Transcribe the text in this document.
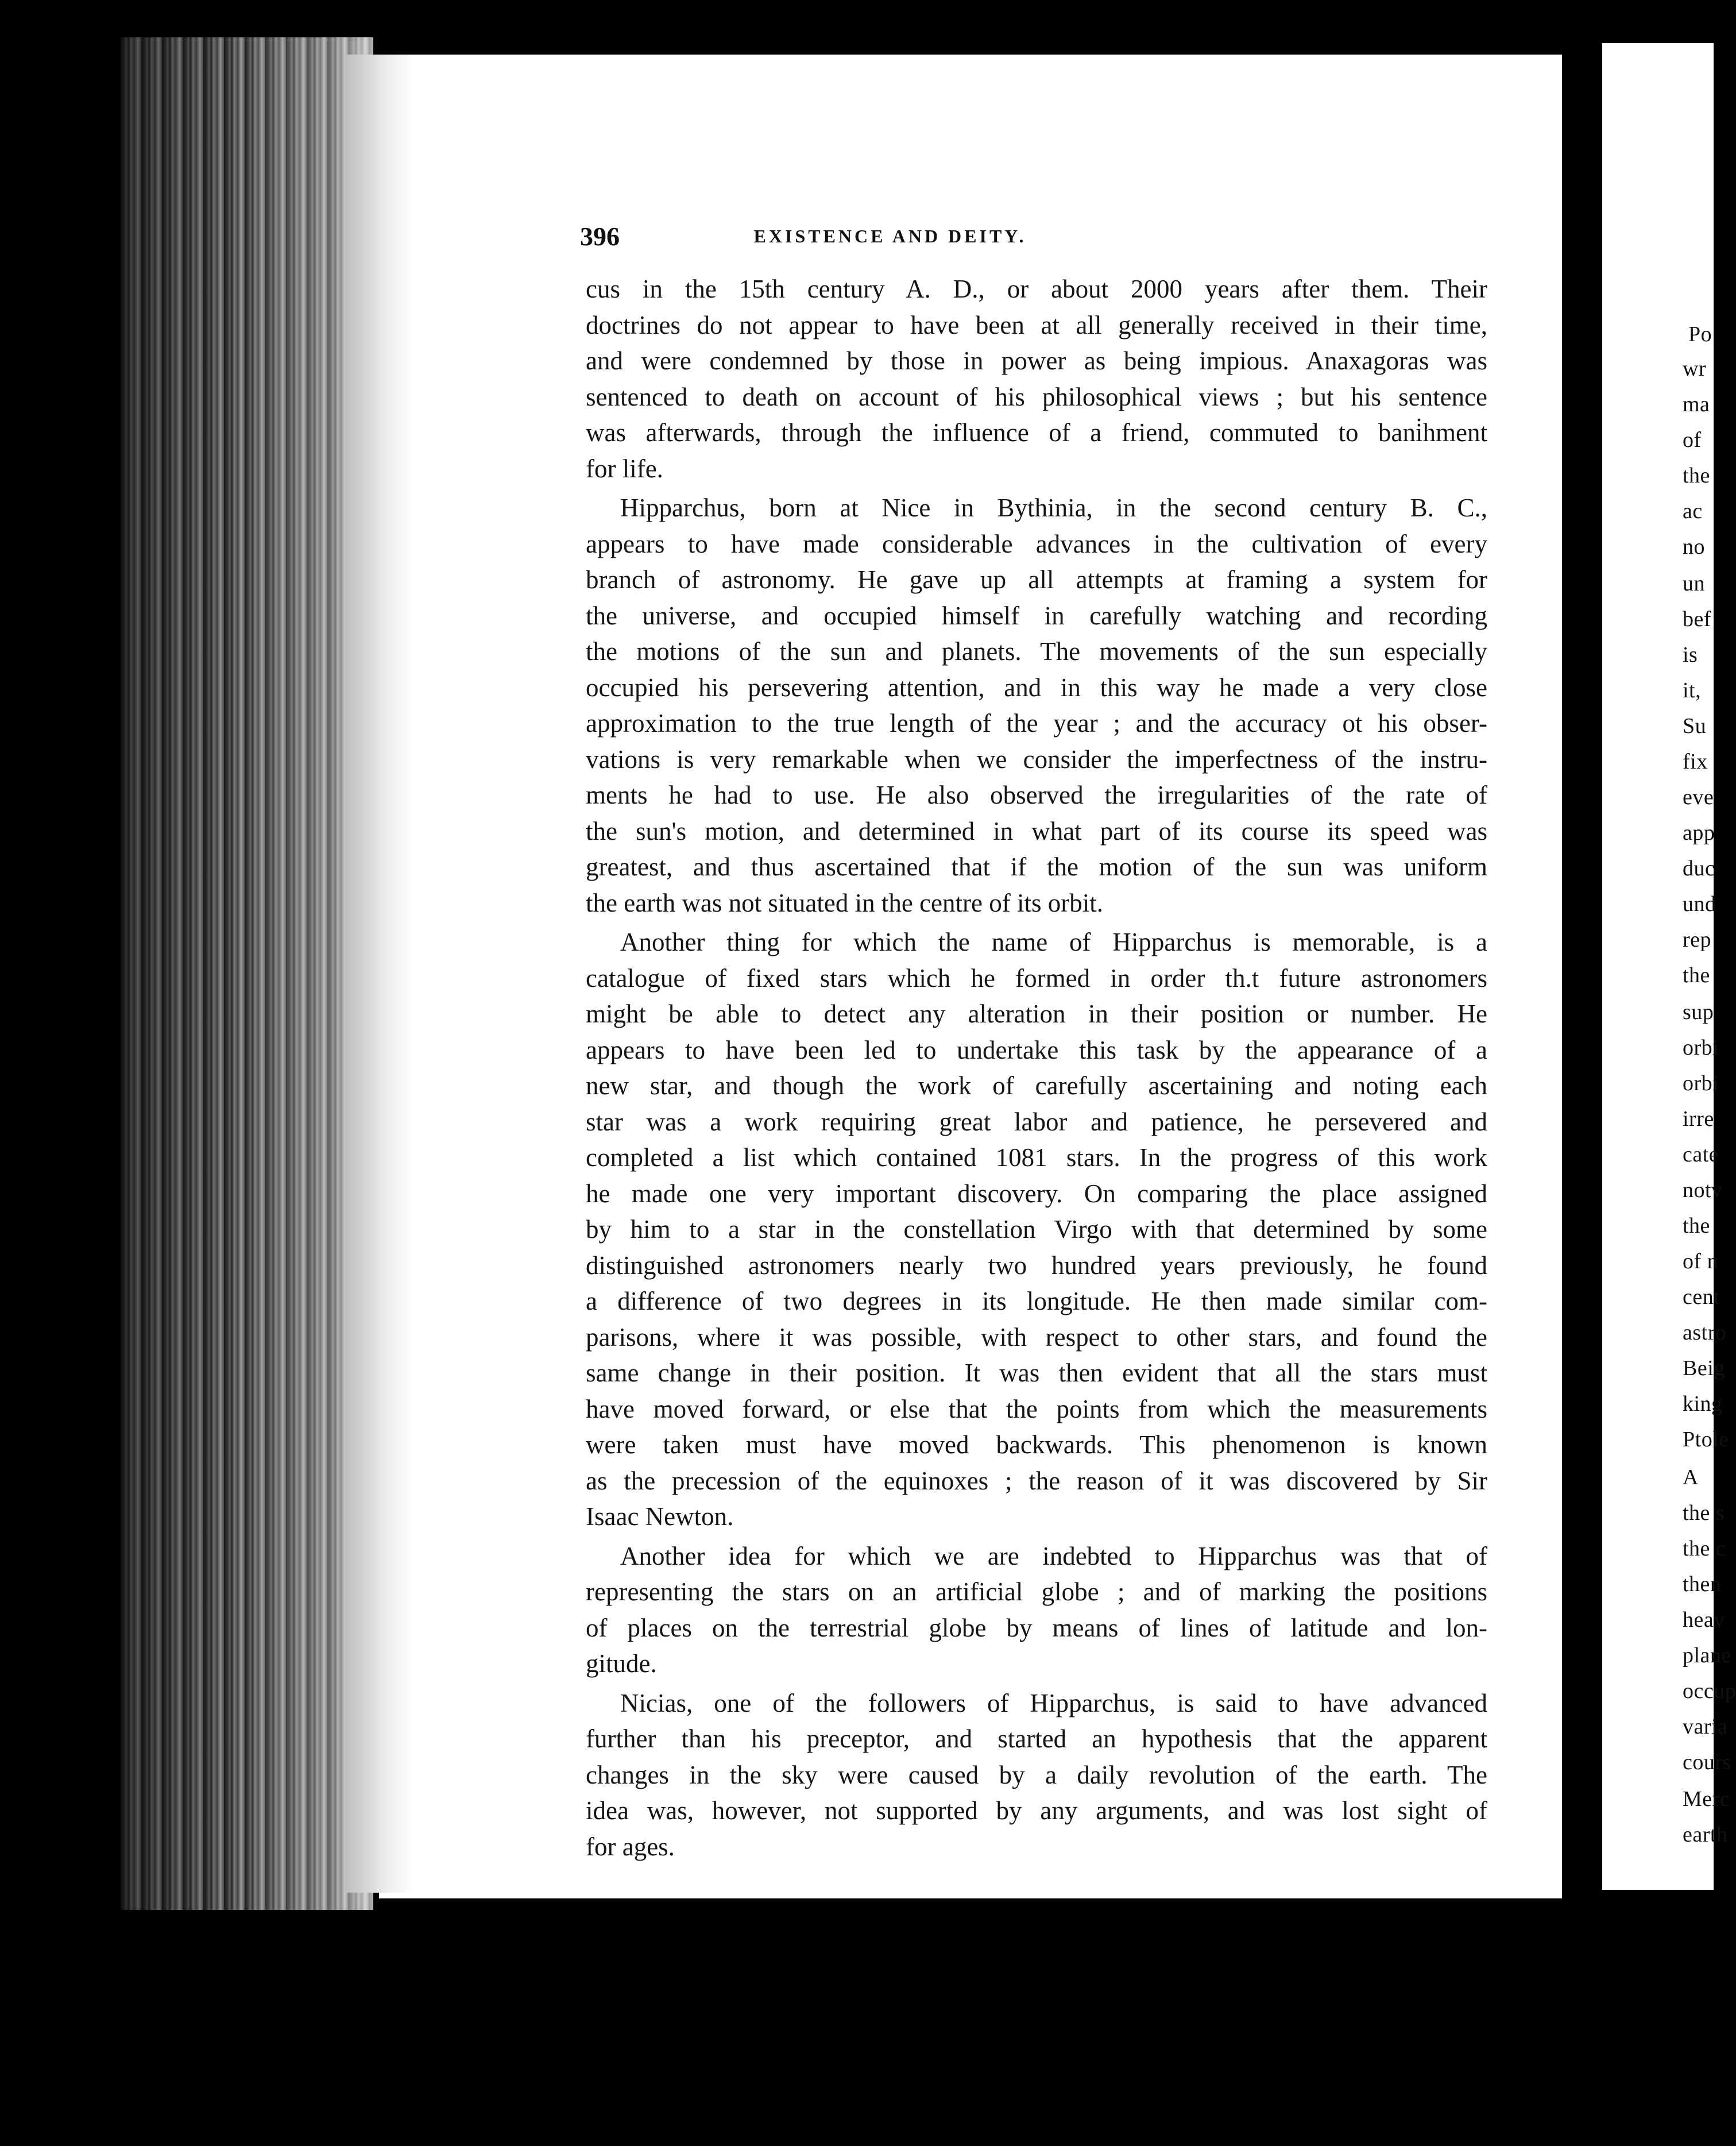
Po
wr
ma
of
the
ac
no
un
bef
is
it,
Su
fix
eve
app
duc
und
rep
the
sup
orbi
orbi
irre
cate
notv
the
of n
cent
astro
Beig
king
Ptole
A
the s
the c
then
heav
plane
occup
varia
cours
Merc
earth
396	EXISTENCE AND DEITY.
cus in the 15th century A. D., or about 2000 years after them. Their
doctrines do not appear to have been at all generally received in their time,
and were condemned by those in power as being impious. Anaxagoras was
sentenced to death on account of his philosophical views ; but his sentence
was afterwards, through the influence of a friend, commuted to bani̇hment
for life.
Hipparchus, born at Nice in Bythinia, in the second century B. C.,
appears to have made considerable advances in the cultivation of every
branch of astronomy. He gave up all attempts at framing a system for
the universe, and occupied himself in carefully watching and recording
the motions of the sun and planets. The movements of the sun especially
occupied his persevering attention, and in this way he made a very close
approximation to the true length of the year ; and the accuracy ot his obser-
vations is very remarkable when we consider the imperfectness of the instru-
ments he had to use. He also observed the irregularities of the rate of
the sun's motion, and determined in what part of its course its speed was
greatest, and thus ascertained that if the motion of the sun was uniform
the earth was not situated in the centre of its orbit.
Another thing for which the name of Hipparchus is memorable, is a
catalogue of fixed stars which he formed in order th.t future astronomers
might be able to detect any alteration in their position or number. He
appears to have been led to undertake this task by the appearance of a
new star, and though the work of carefully ascertaining and noting each
star was a work requiring great labor and patience, he persevered and
completed a list which contained 1081 stars. In the progress of this work
he made one very important discovery. On comparing the place assigned
by him to a star in the constellation Virgo with that determined by some
distinguished astronomers nearly two hundred years previously, he found
a difference of two degrees in its longitude. He then made similar com-
parisons, where it was possible, with respect to other stars, and found the
same change in their position. It was then evident that all the stars must
have moved forward, or else that the points from which the measurements
were taken must have moved backwards. This phenomenon is known
as the precession of the equinoxes ; the reason of it was discovered by Sir
Isaac Newton.
Another idea for which we are indebted to Hipparchus was that of
representing the stars on an artificial globe ; and of marking the positions
of places on the terrestrial globe by means of lines of latitude and lon-
gitude.
Nicias, one of the followers of Hipparchus, is said to have advanced
further than his preceptor, and started an hypothesis that the apparent
changes in the sky were caused by a daily revolution of the earth. The
idea was, however, not supported by any arguments, and was lost sight of
for ages.
